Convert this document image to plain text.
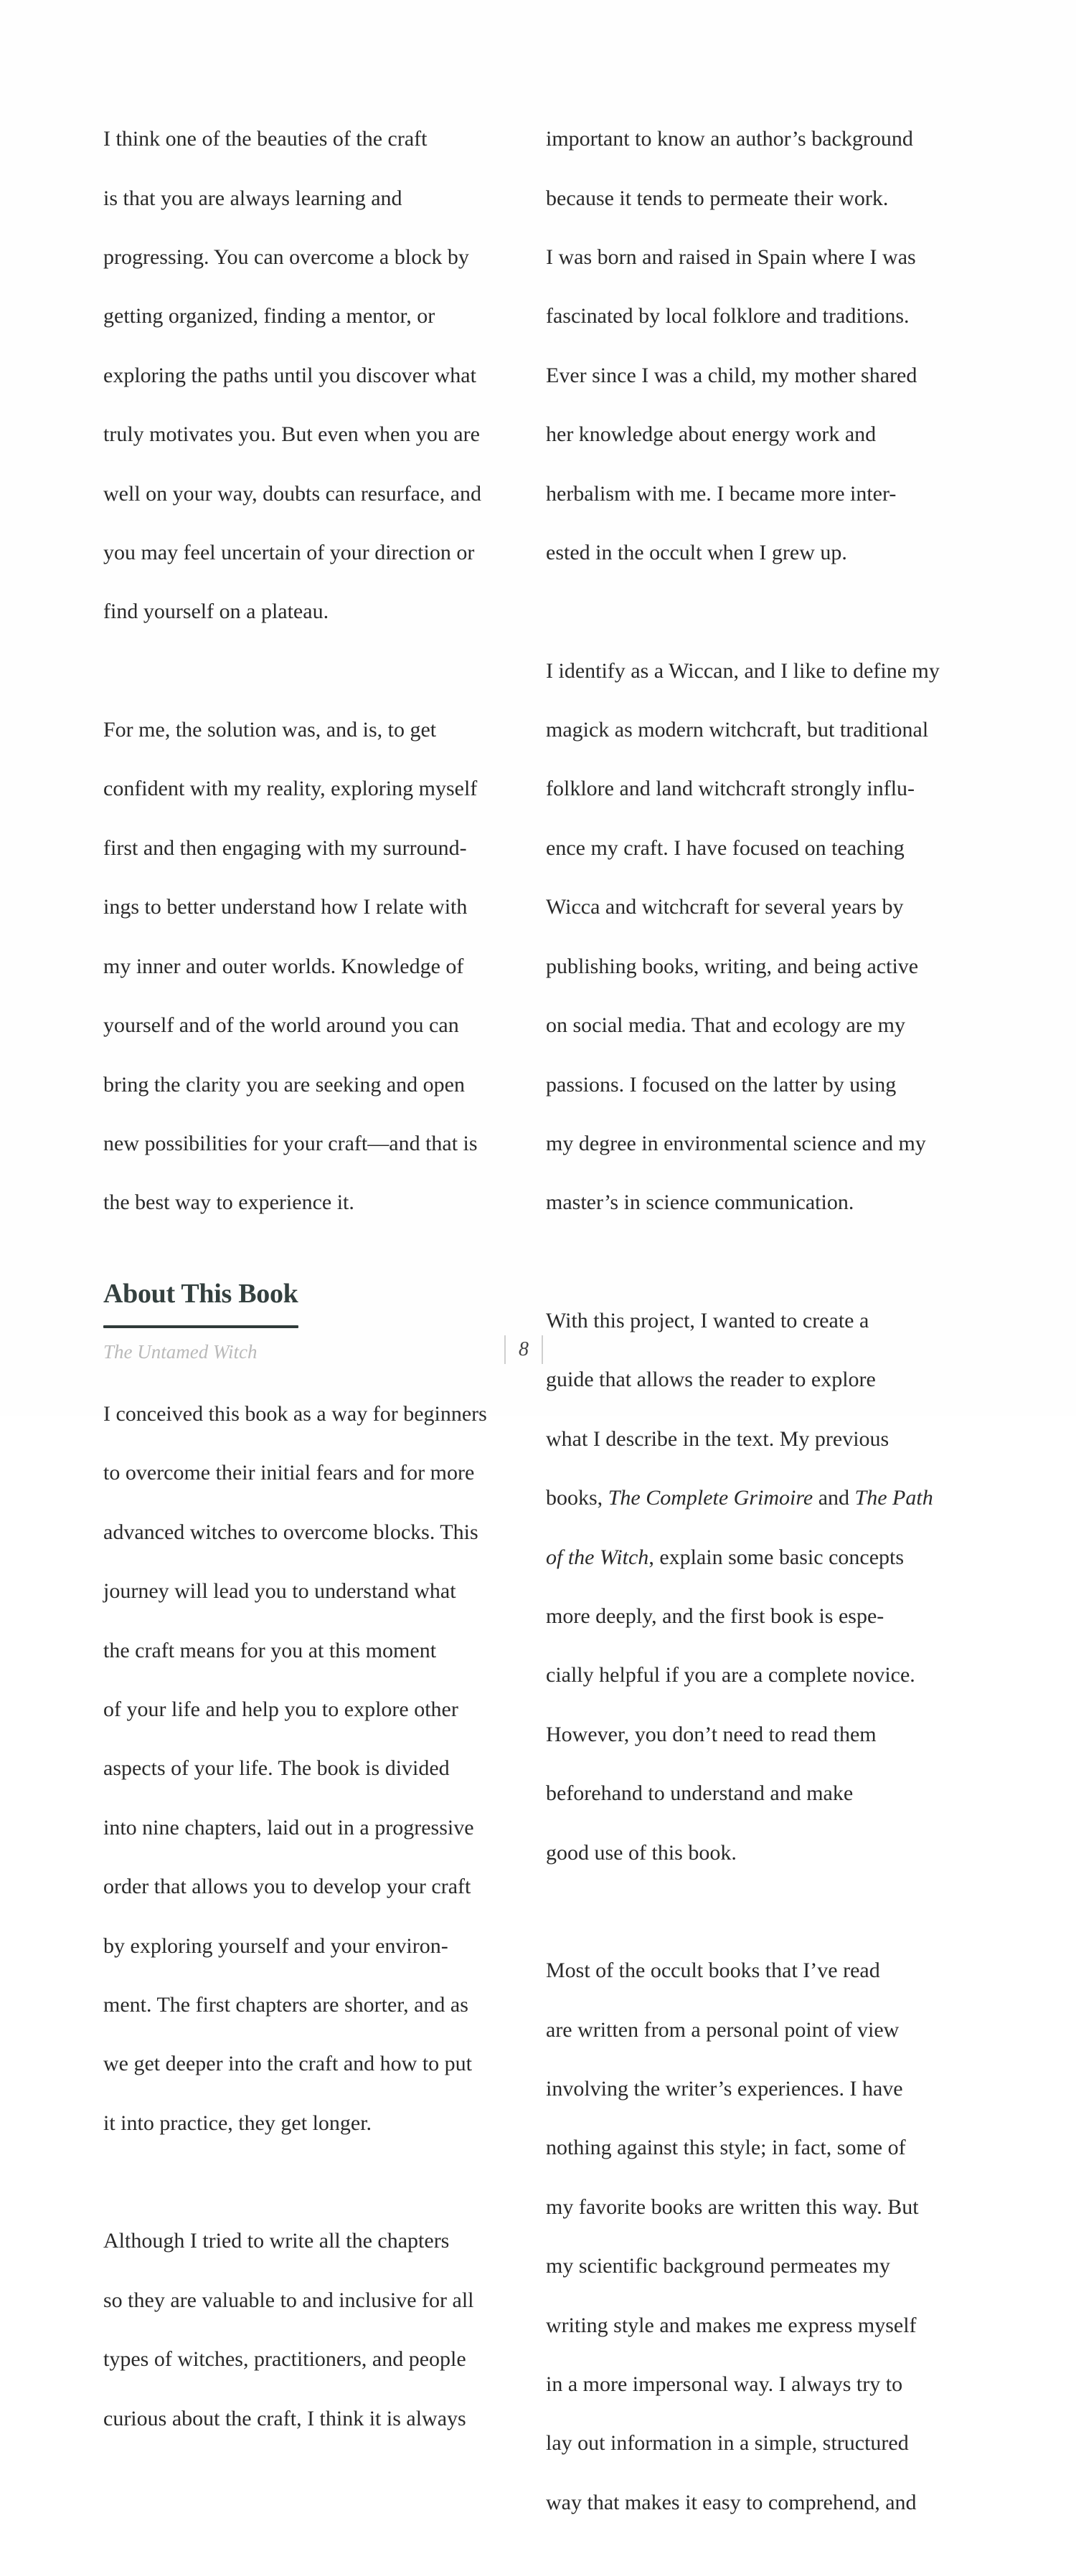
I think one of the beauties of the craft

is that you are always learning and

progressing. You can overcome a block by

getting organized, finding a mentor, or

exploring the paths until you discover what

truly motivates you. But even when you are

well on your way, doubts can resurface, and

you may feel uncertain of your direction or

find yourself on a plateau.

For me, the solution was, and is, to get

confident with my reality, exploring myself

first and then engaging with my surround-

ings to better understand how I relate with

my inner and outer worlds. Knowledge of

yourself and of the world around you can

bring the clarity you are seeking and open

new possibilities for your craft—and that is

the best way to experience it.

About This Book

I conceived this book as a way for beginners

to overcome their initial fears and for more

advanced witches to overcome blocks. This

journey will lead you to understand what

the craft means for you at this moment

of your life and help you to explore other

aspects of your life. The book is divided

into nine chapters, laid out in a progressive

order that allows you to develop your craft

by exploring yourself and your environ-

ment. The first chapters are shorter, and as

we get deeper into the craft and how to put

it into practice, they get longer.

Although I tried to write all the chapters

so they are valuable to and inclusive for all

types of witches, practitioners, and people

curious about the craft, I think it is always

important to know an author’s background

because it tends to permeate their work.

I was born and raised in Spain where I was

fascinated by local folklore and traditions.

Ever since I was a child, my mother shared

her knowledge about energy work and

herbalism with me. I became more inter-

ested in the occult when I grew up.

I identify as a Wiccan, and I like to define my

magick as modern witchcraft, but traditional

folklore and land witchcraft strongly influ-

ence my craft. I have focused on teaching

Wicca and witchcraft for several years by

publishing books, writing, and being active

on social media. That and ecology are my

passions. I focused on the latter by using

my degree in environmental science and my

master’s in science communication.

With this project, I wanted to create a

guide that allows the reader to explore

what I describe in the text. My previous

books, The Complete Grimoire and The Path

of the Witch, explain some basic concepts

more deeply, and the first book is espe-

cially helpful if you are a complete novice.

However, you don’t need to read them

beforehand to understand and make

good use of this book.

Most of the occult books that I’ve read

are written from a personal point of view

involving the writer’s experiences. I have

nothing against this style; in fact, some of

my favorite books are written this way. But

my scientific background permeates my

writing style and makes me express myself

in a more impersonal way. I always try to

lay out information in a simple, structured

way that makes it easy to comprehend, and

The Untamed Witch	8
